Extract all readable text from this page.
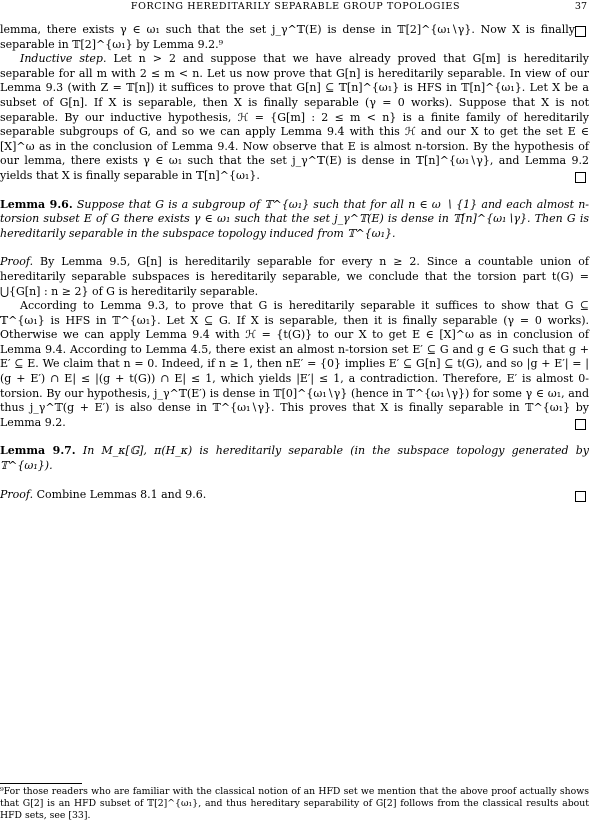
FORCING HEREDITARILY SEPARABLE GROUP TOPOLOGIES	37

lemma, there exists γ ∈ ω₁ such that the set j_γ^𝕋(E) is dense in 𝕋[2]^{ω₁∖γ}. Now X is finally separable in 𝕋[2]^{ω₁} by Lemma 9.2.⁹

Inductive step. Let n > 2 and suppose that we have already proved that G[m] is hereditarily separable for all m with 2 ≤ m < n. Let us now prove that G[n] is hereditarily separable. In view of our Lemma 9.3 (with Z = 𝕋[n]) it suffices to prove that G[n] ⊆ 𝕋[n]^{ω₁} is HFS in 𝕋[n]^{ω₁}. Let X be a subset of G[n]. If X is separable, then X is finally separable (γ = 0 works). Suppose that X is not separable. By our inductive hypothesis, ℋ = {G[m] : 2 ≤ m < n} is a finite family of hereditarily separable subgroups of G, and so we can apply Lemma 9.4 with this ℋ and our X to get the set E ∈ [X]^ω as in the conclusion of Lemma 9.4. Now observe that E is almost n-torsion. By the hypothesis of our lemma, there exists γ ∈ ω₁ such that the set j_γ^𝕋(E) is dense in 𝕋[n]^{ω₁∖γ}, and Lemma 9.2 yields that X is finally separable in 𝕋[n]^{ω₁}.

Lemma 9.6. Suppose that G is a subgroup of 𝕋^{ω₁} such that for all n ∈ ω ∖ {1} and each almost n-torsion subset E of G there exists γ ∈ ω₁ such that the set j_γ^𝕋(E) is dense in 𝕋[n]^{ω₁∖γ}. Then G is hereditarily separable in the subspace topology induced from 𝕋^{ω₁}.

Proof. By Lemma 9.5, G[n] is hereditarily separable for every n ≥ 2. Since a countable union of hereditarily separable subspaces is hereditarily separable, we conclude that the torsion part t(G) = ⋃{G[n] : n ≥ 2} of G is hereditarily separable.

According to Lemma 9.3, to prove that G is hereditarily separable it suffices to show that G ⊆ 𝕋^{ω₁} is HFS in 𝕋^{ω₁}. Let X ⊆ G. If X is separable, then it is finally separable (γ = 0 works). Otherwise we can apply Lemma 9.4 with ℋ = {t(G)} to our X to get E ∈ [X]^ω as in conclusion of Lemma 9.4. According to Lemma 4.5, there exist an almost n-torsion set E′ ⊆ G and g ∈ G such that g + E′ ⊆ E. We claim that n = 0. Indeed, if n ≥ 1, then nE′ = {0} implies E′ ⊆ G[n] ⊆ t(G), and so |g + E′| = |(g + E′) ∩ E| ≤ |(g + t(G)) ∩ E| ≤ 1, which yields |E′| ≤ 1, a contradiction. Therefore, E′ is almost 0-torsion. By our hypothesis, j_γ^𝕋(E′) is dense in 𝕋[0]^{ω₁∖γ} (hence in 𝕋^{ω₁∖γ}) for some γ ∈ ω₁, and thus j_γ^𝕋(g + E′) is also dense in 𝕋^{ω₁∖γ}. This proves that X is finally separable in 𝕋^{ω₁} by Lemma 9.2.

Lemma 9.7. In M_κ[𝔾], π(H_κ) is hereditarily separable (in the subspace topology generated by 𝕋^{ω₁}).

Proof. Combine Lemmas 8.1 and 9.6.

⁹For those readers who are familiar with the classical notion of an HFD set we mention that the above proof actually shows that G[2] is an HFD subset of 𝕋[2]^{ω₁}, and thus hereditary separability of G[2] follows from the classical results about HFD sets, see [33].
